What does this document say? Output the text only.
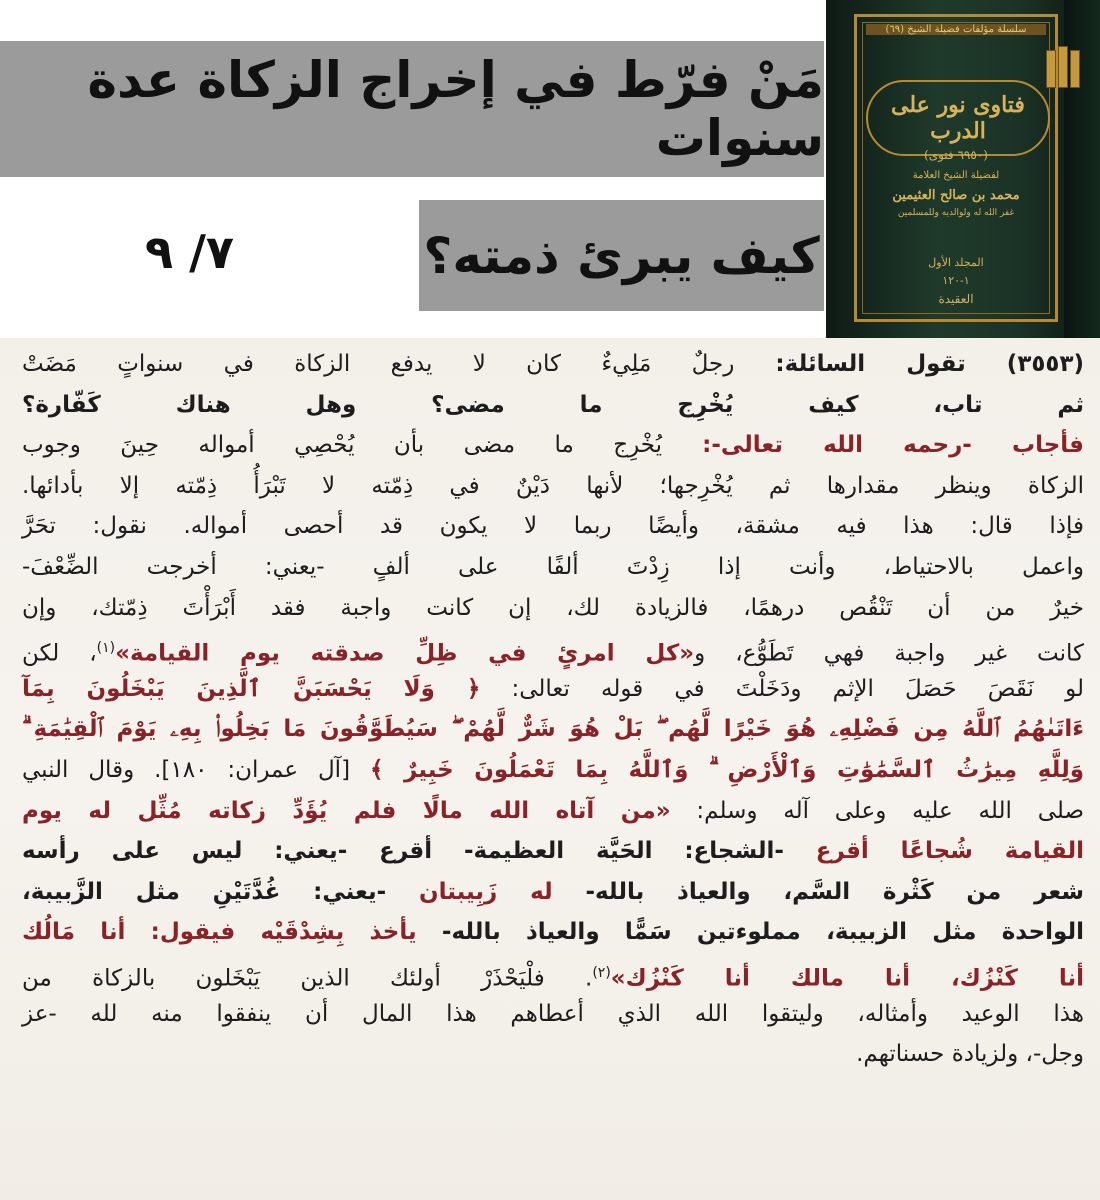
مَنْ فرّط في إخراج الزكاة عدة سنوات
كيف يبرئ ذمته؟
٧/ ٩
سلسلة مؤلفات فضيلة الشيخ (٦٩)
فتاوى نور على الدرب
(٦٩٥٠ فتوى)
لفضيلة الشيخ العلامة
محمد بن صالح العثيمين
غفر الله له ولوالديه وللمسلمين
المجلد الأول
١-١٢٠
العقيدة
(٣٥٥٣) تقول السائلة: رجلٌ مَلِيءٌ كان لا يدفع الزكاة في سنواتٍ مَضَتْ
ثم تاب، كيف يُخْرِج ما مضى؟ وهل هناك كَفّارة؟
فأجاب -رحمه الله تعالى-: يُخْرِج ما مضى بأن يُحْصِي أمواله حِينَ وجوب
الزكاة وينظر مقدارها ثم يُخْرِجها؛ لأنها دَيْنٌ في ذِمّته لا تَبْرَأُ ذِمّته إلا بأدائها.
فإذا قال: هذا فيه مشقة، وأيضًا ربما لا يكون قد أحصى أمواله. نقول: تحَرَّ
واعمل بالاحتياط، وأنت إذا زِدْتَ ألفًا على ألفٍ -يعني: أخرجت الضِّعْفَ-
خيرٌ من أن تَنْقُص درهمًا، فالزيادة لك، إن كانت واجبة فقد أَبْرَأْتَ ذِمّتك، وإن
كانت غير واجبة فهي تَطَوُّع، و«كل امرئٍ في ظِلِّ صدقته يوم القيامة»$^{(١)}$، لكن
لو نَقَصَ حَصَلَ الإثم ودَخَلْتَ في قوله تعالى: ﴿ وَلَا يَحْسَبَنَّ ٱلَّذِينَ يَبْخَلُونَ بِمَآ
ءَاتَىٰهُمُ ٱللَّهُ مِن فَضْلِهِۦ هُوَ خَيْرًا لَّهُم ۖ بَلْ هُوَ شَرٌّ لَّهُمْ ۖ سَيُطَوَّقُونَ مَا بَخِلُوا۟ بِهِۦ يَوْمَ ٱلْقِيَٰمَةِ ۗ
وَلِلَّهِ مِيرَٰثُ ٱلسَّمَٰوَٰتِ وَٱلْأَرْضِ ۗ وَٱللَّهُ بِمَا تَعْمَلُونَ خَبِيرٌ ﴾ [آل عمران: ١٨٠]. وقال النبي
صلى الله عليه وعلى آله وسلم: «من آتاه الله مالًا فلم يُؤَدِّ زكاته مُثِّل له يوم
القيامة شُجاعًا أقرع -الشجاع: الحَيَّة العظيمة- أقرع -يعني: ليس على رأسه
شعر من كَثْرة السَّم، والعياذ بالله- له زَبِيبتان -يعني: غُدَّتَيْنِ مثل الزَّبيبة،
الواحدة مثل الزبيبة، مملوءتين سَمًّا والعياذ بالله- يأخذ بِشِدْقَيْه فيقول: أنا مَالُك
أنا كَنْزُك، أنا مالك أنا كَنْزُك»$^{(٢)}$. فلْيَحْذَرْ أولئك الذين يَبْخَلون بالزكاة من
هذا الوعيد وأمثاله، وليتقوا الله الذي أعطاهم هذا المال أن ينفقوا منه لله -عز
وجل-، ولزيادة حسناتهم.
